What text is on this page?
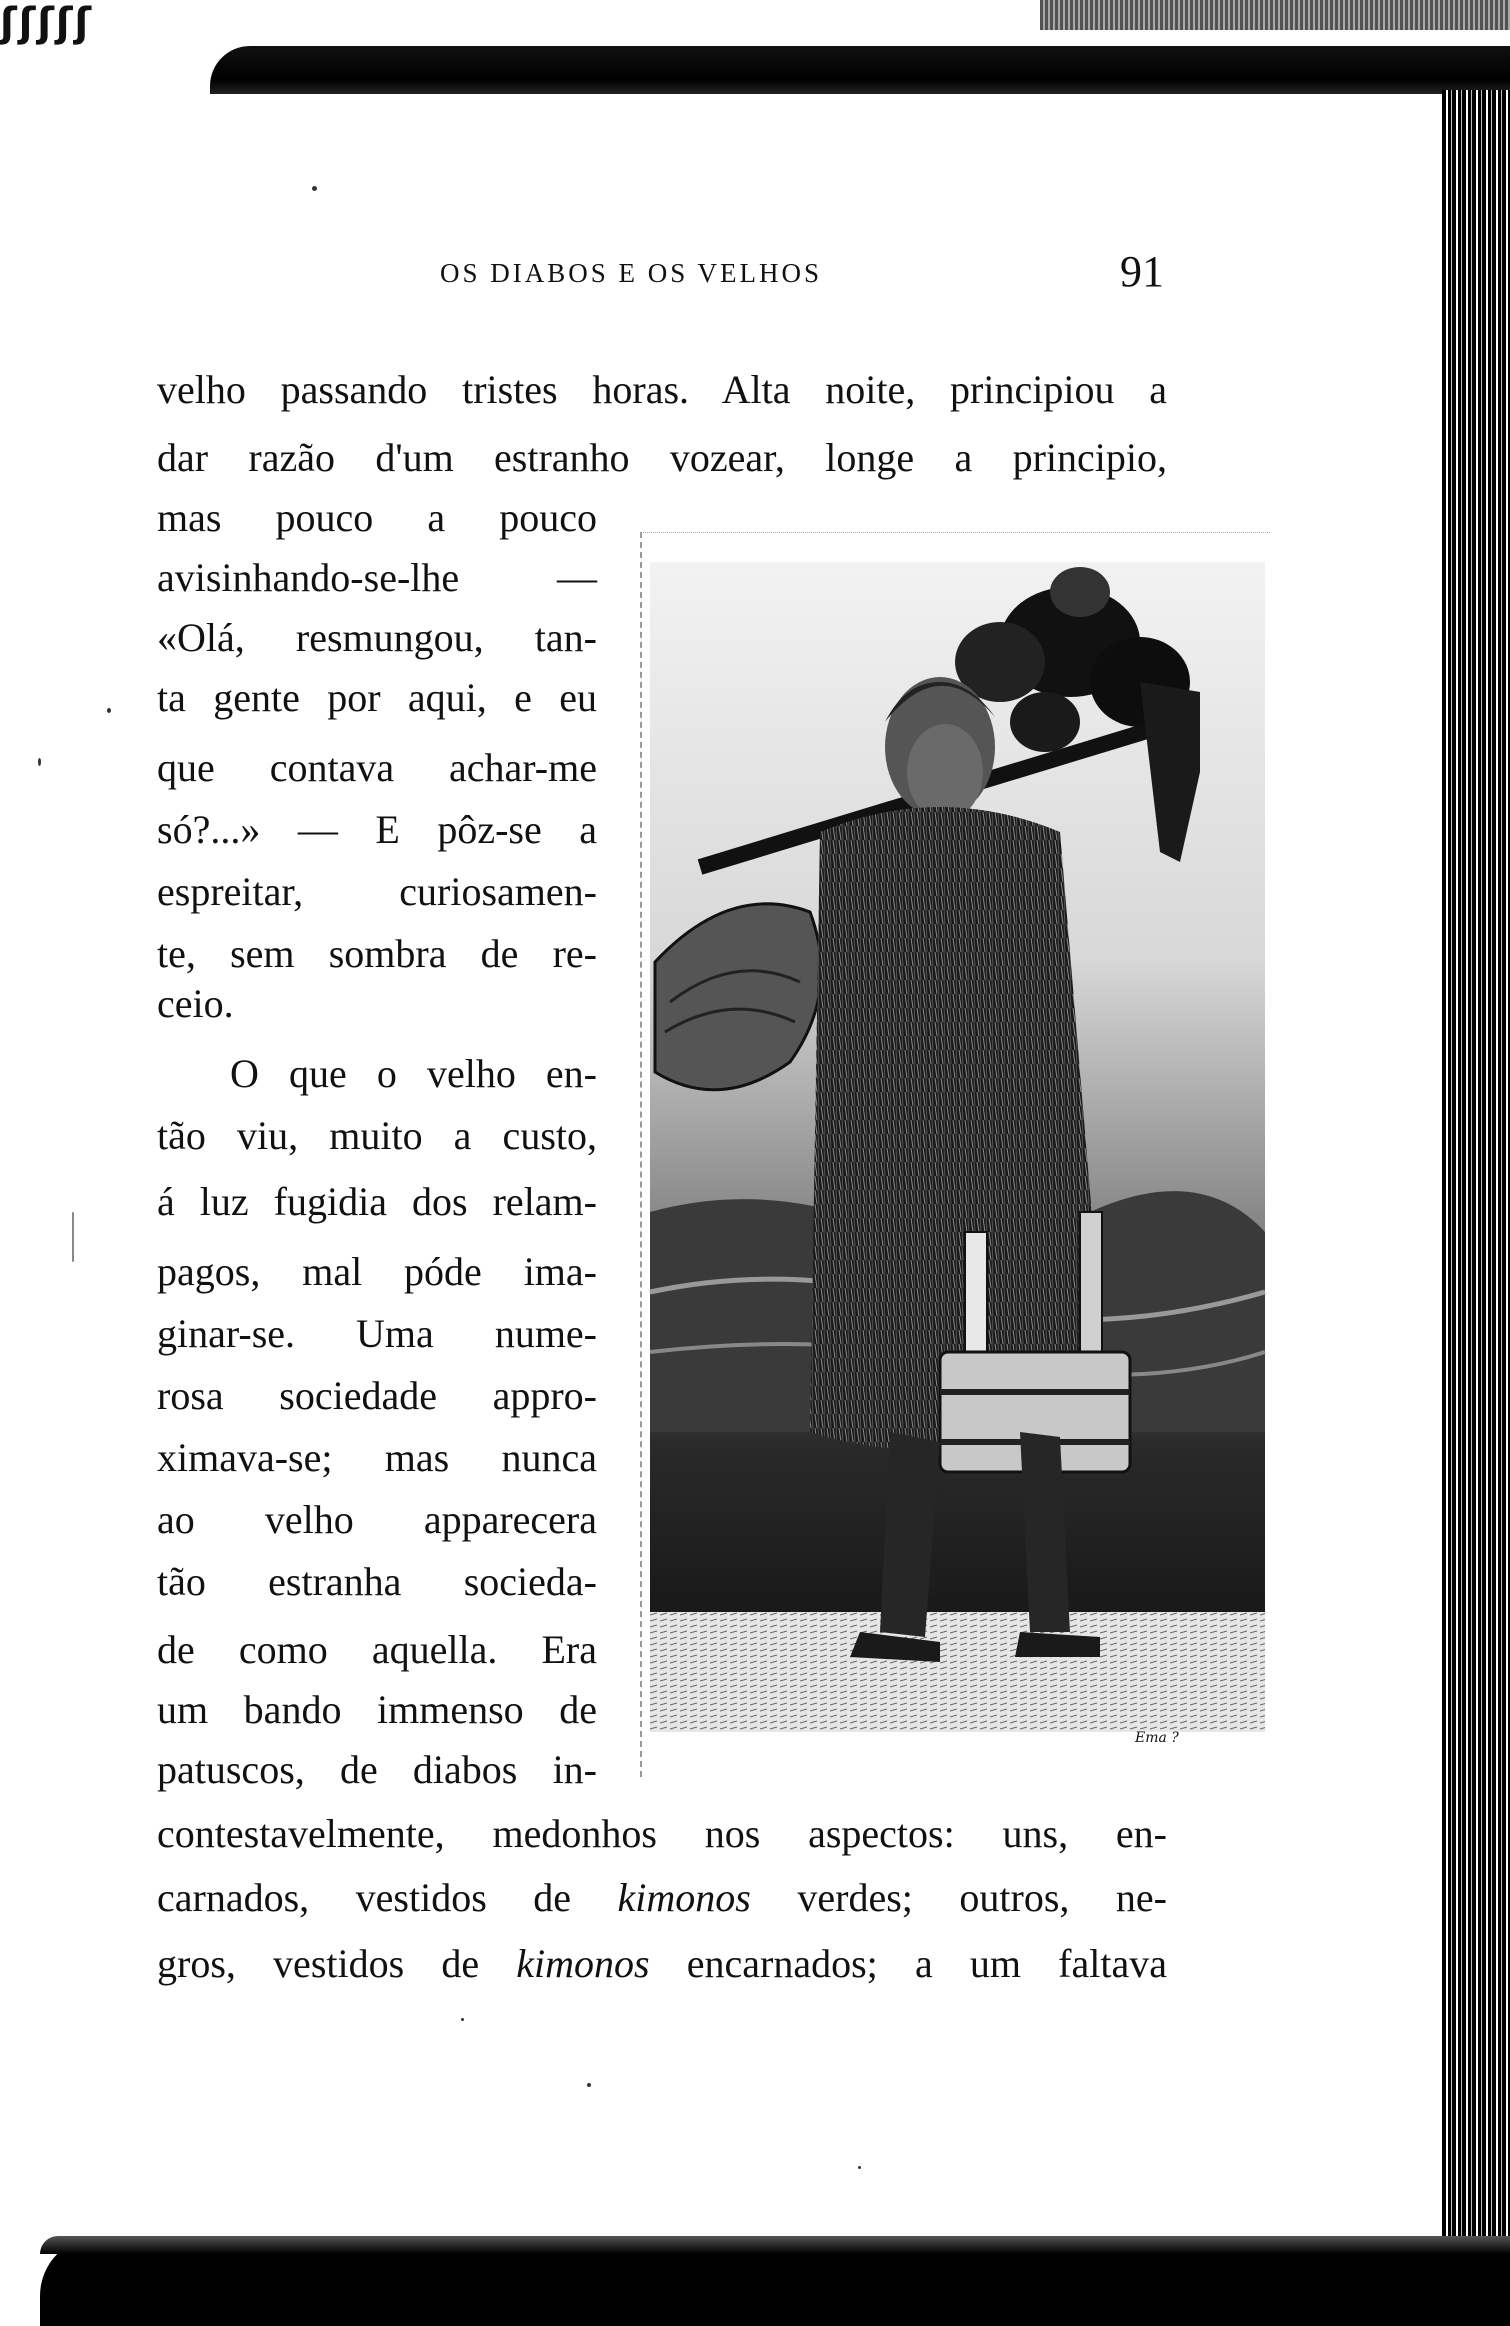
ʃʃʃʃʃ
OS DIABOS E OS VELHOS	91
velho passando tristes horas. Alta noite, principiou a
dar razão d'um estranho vozear, longe a principio,
mas pouco a pouco
avisinhando-se-lhe —
«Olá, resmungou, tan-
ta gente por aqui, e eu
que contava achar-me
só?...» — E pôz-se a
espreitar, curiosamen-
te, sem sombra de re-
ceio.
O que o velho en-
tão viu, muito a custo,
á luz fugidia dos relam-
pagos, mal póde ima-
ginar-se. Uma nume-
rosa sociedade appro-
ximava-se; mas nunca
ao velho apparecera
tão estranha socieda-
de como aquella. Era
um bando immenso de
patuscos, de diabos in-
contestavelmente, medonhos nos aspectos: uns, en-
carnados, vestidos de kimonos verdes; outros, ne-
gros, vestidos de kimonos encarnados; a um faltava
Ema ?
